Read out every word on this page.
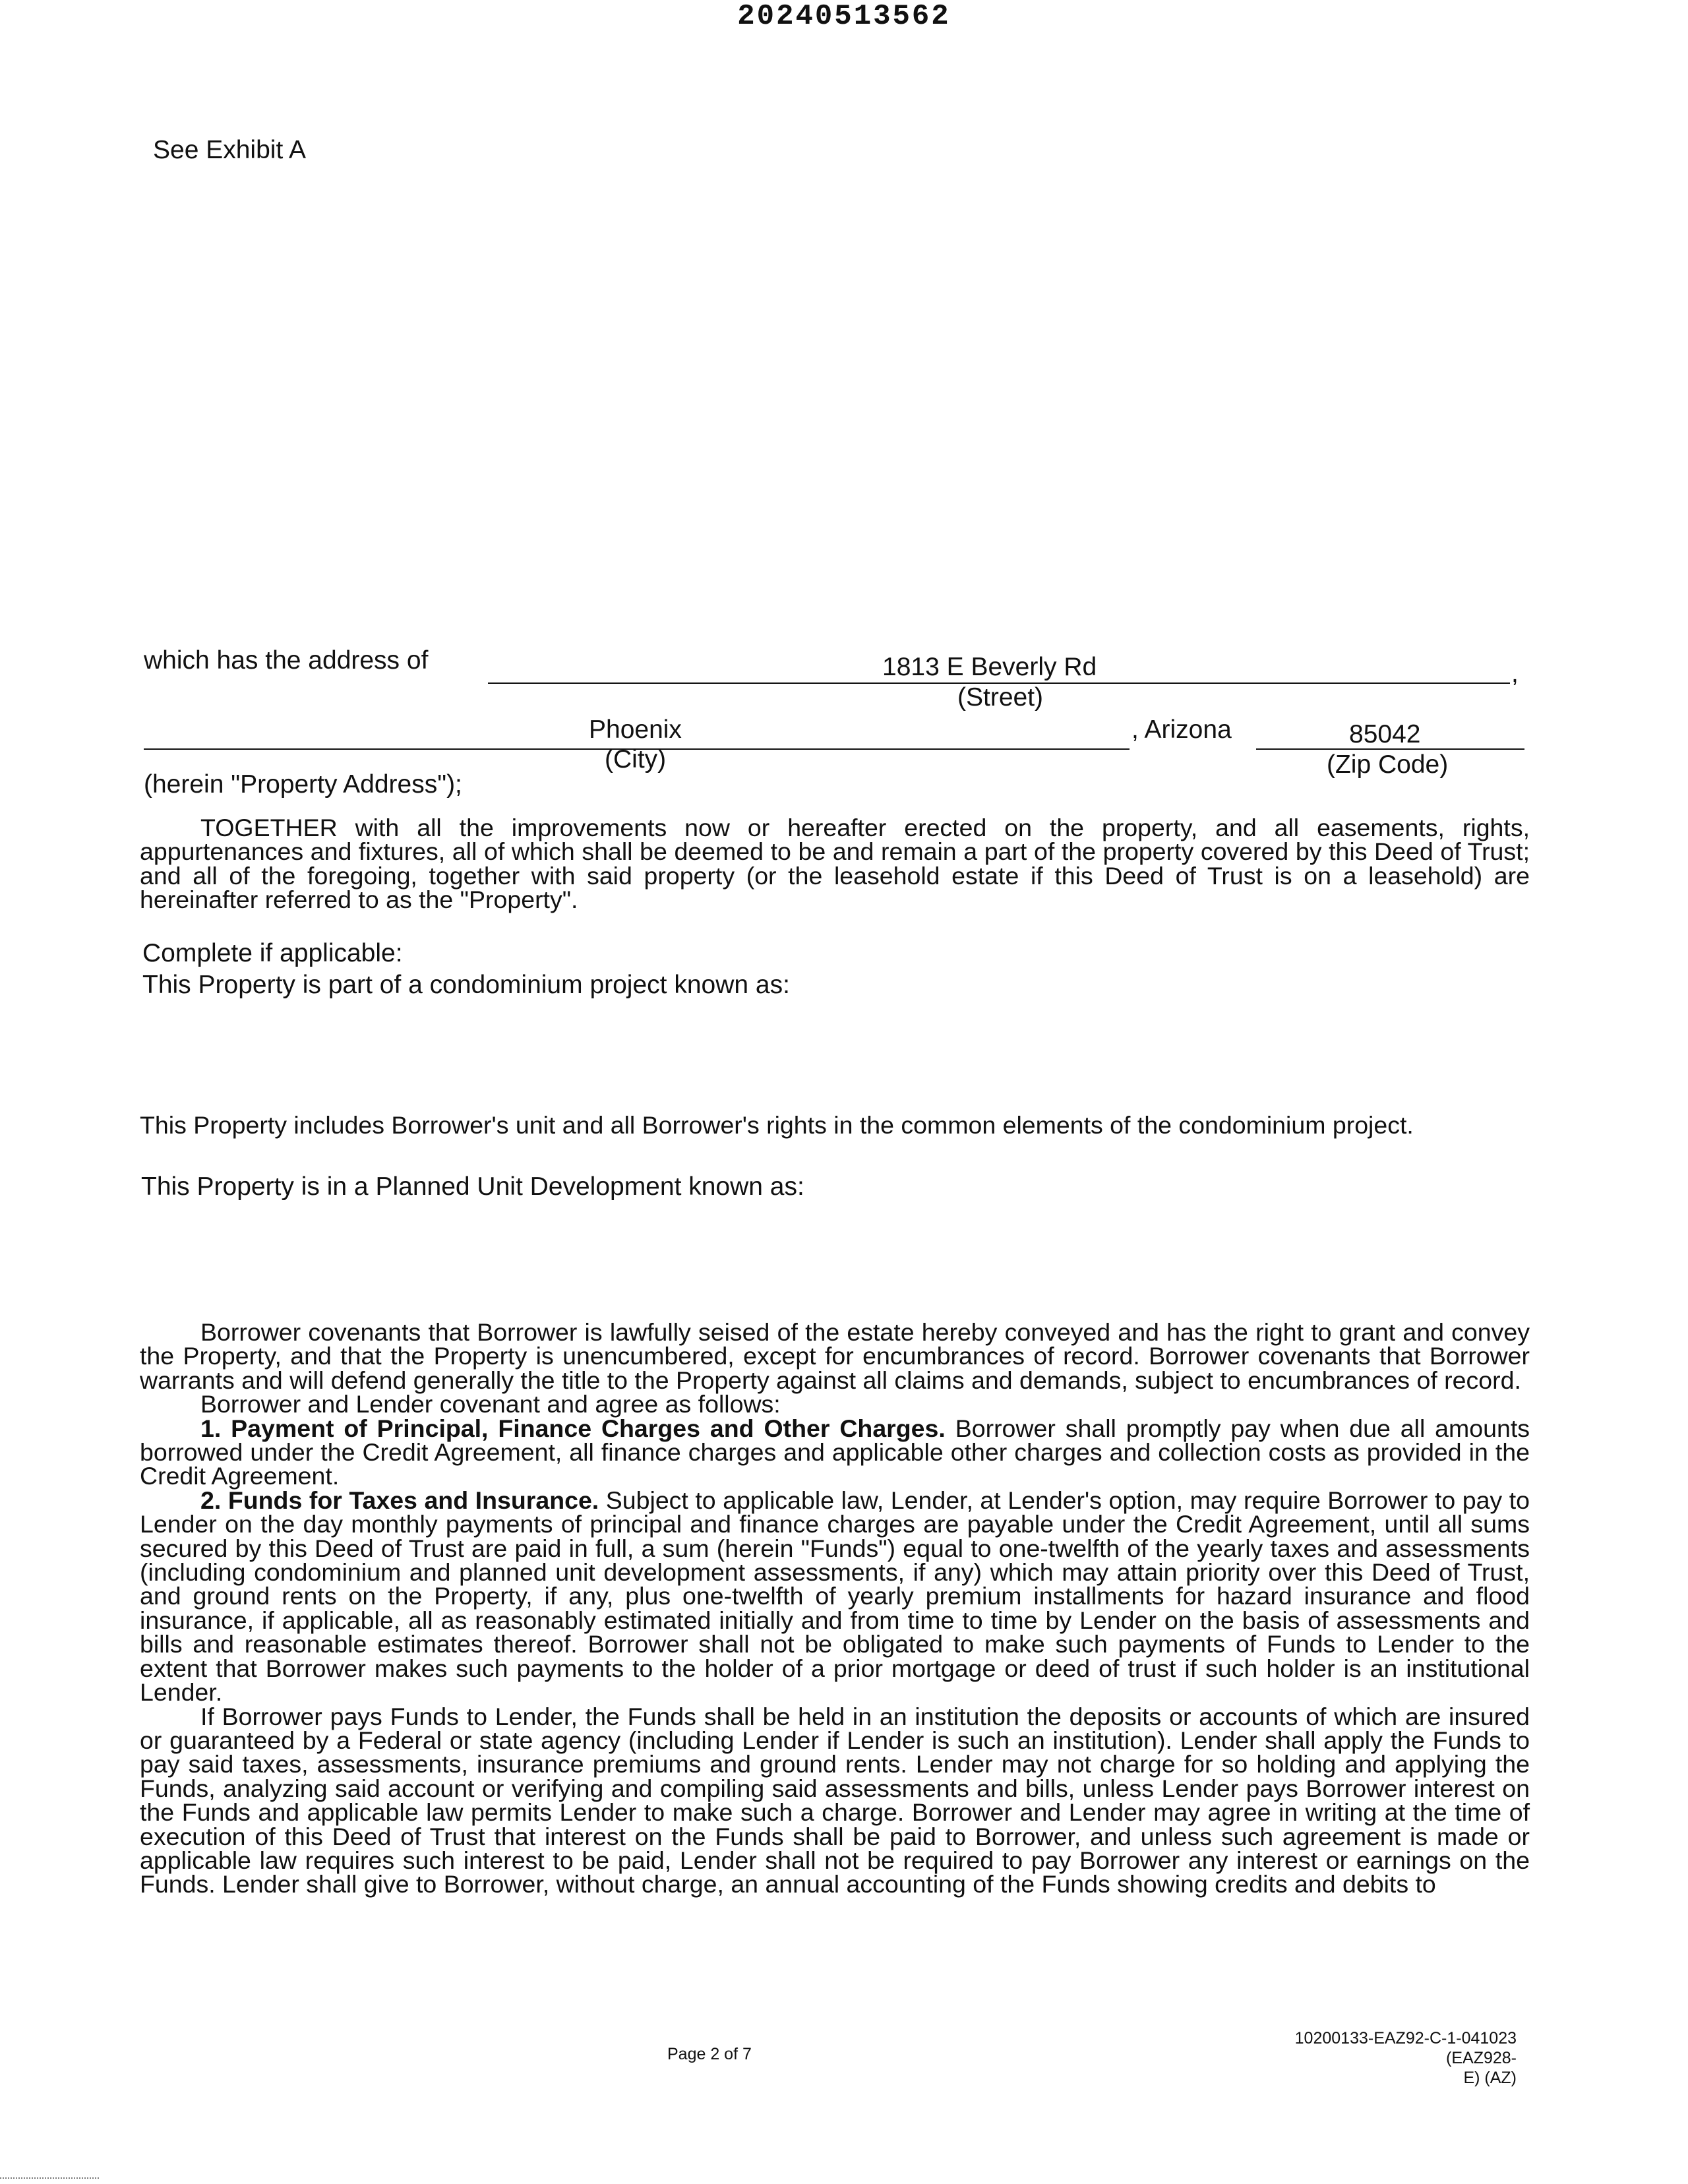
20240513562
See Exhibit A
which has the address of	1813 E Beverly Rd	,
(Street)
Phoenix
(City)
, Arizona	85042
(Zip Code)
(herein "Property Address");

TOGETHER with all the improvements now or hereafter erected on the property, and all easements, rights, appurtenances and fixtures, all of which shall be deemed to be and remain a part of the property covered by this Deed of Trust; and all of the foregoing, together with said property (or the leasehold estate if this Deed of Trust is on a leasehold) are hereinafter referred to as the "Property".

Complete if applicable:
This Property is part of a condominium project known as:

This Property includes Borrower's unit and all Borrower's rights in the common elements of the condominium project.

This Property is in a Planned Unit Development known as:

Borrower covenants that Borrower is lawfully seised of the estate hereby conveyed and has the right to grant and convey the Property, and that the Property is unencumbered, except for encumbrances of record. Borrower covenants that Borrower warrants and will defend generally the title to the Property against all claims and demands, subject to encumbrances of record.

Borrower and Lender covenant and agree as follows:

1. Payment of Principal, Finance Charges and Other Charges. Borrower shall promptly pay when due all amounts borrowed under the Credit Agreement, all finance charges and applicable other charges and collection costs as provided in the Credit Agreement.

2. Funds for Taxes and Insurance. Subject to applicable law, Lender, at Lender's option, may require Borrower to pay to Lender on the day monthly payments of principal and finance charges are payable under the Credit Agreement, until all sums secured by this Deed of Trust are paid in full, a sum (herein "Funds") equal to one-twelfth of the yearly taxes and assessments (including condominium and planned unit development assessments, if any) which may attain priority over this Deed of Trust, and ground rents on the Property, if any, plus one-twelfth of yearly premium installments for hazard insurance and flood insurance, if applicable, all as reasonably estimated initially and from time to time by Lender on the basis of assessments and bills and reasonable estimates thereof. Borrower shall not be obligated to make such payments of Funds to Lender to the extent that Borrower makes such payments to the holder of a prior mortgage or deed of trust if such holder is an institutional Lender.

If Borrower pays Funds to Lender, the Funds shall be held in an institution the deposits or accounts of which are insured or guaranteed by a Federal or state agency (including Lender if Lender is such an institution). Lender shall apply the Funds to pay said taxes, assessments, insurance premiums and ground rents. Lender may not charge for so holding and applying the Funds, analyzing said account or verifying and compiling said assessments and bills, unless Lender pays Borrower interest on the Funds and applicable law permits Lender to make such a charge. Borrower and Lender may agree in writing at the time of execution of this Deed of Trust that interest on the Funds shall be paid to Borrower, and unless such agreement is made or applicable law requires such interest to be paid, Lender shall not be required to pay Borrower any interest or earnings on the Funds. Lender shall give to Borrower, without charge, an annual accounting of the Funds showing credits and debits to

Page 2 of 7
10200133-EAZ92-C-1-041023 (EAZ928-
E) (AZ)
